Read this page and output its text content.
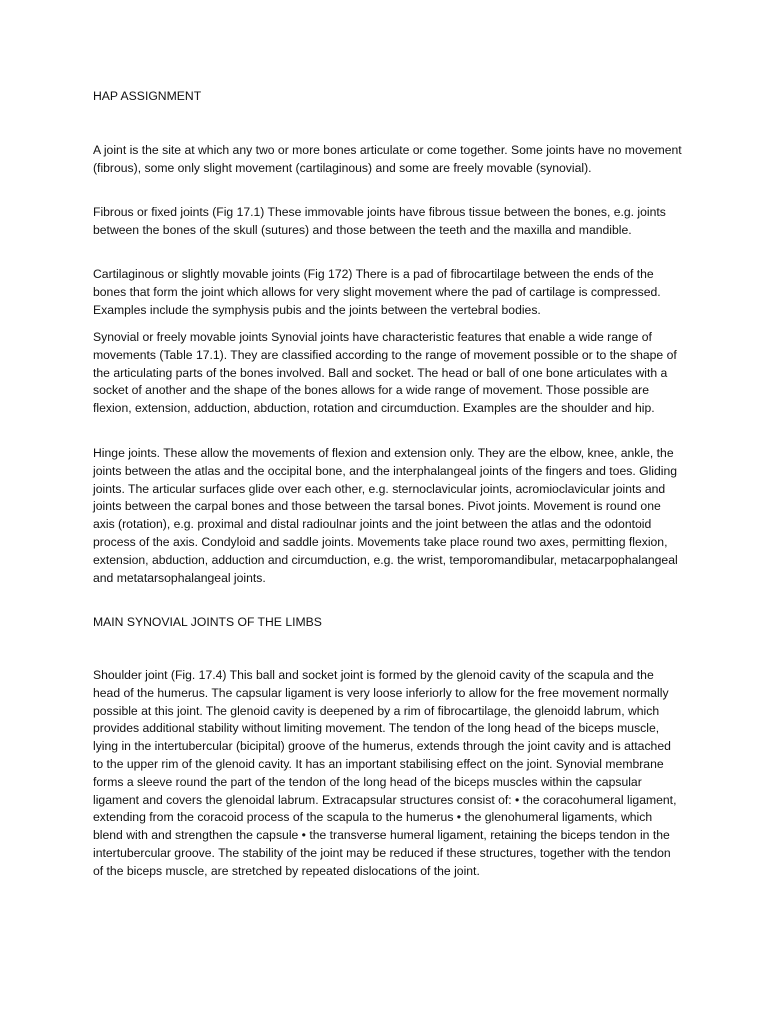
HAP ASSIGNMENT

A joint is the site at which any two or more bones articulate or come together. Some joints have no movement (fibrous), some only slight movement (cartilaginous) and some are freely movable (synovial).

Fibrous or fixed joints (Fig 17.1) These immovable joints have fibrous tissue between the bones, e.g. joints between the bones of the skull (sutures) and those between the teeth and the maxilla and mandible.

Cartilaginous or slightly movable joints (Fig 172) There is a pad of fibrocartilage between the ends of the bones that form the joint which allows for very slight movement where the pad of cartilage is compressed. Examples include the symphysis pubis and the joints between the vertebral bodies.

Synovial or freely movable joints Synovial joints have characteristic features that enable a wide range of movements (Table 17.1). They are classified according to the range of movement possible or to the shape of the articulating parts of the bones involved. Ball and socket. The head or ball of one bone articulates with a socket of another and the shape of the bones allows for a wide range of movement. Those possible are flexion, extension, adduction, abduction, rotation and circumduction. Examples are the shoulder and hip.

Hinge joints. These allow the movements of flexion and extension only. They are the elbow, knee, ankle, the joints between the atlas and the occipital bone, and the interphalangeal joints of the fingers and toes. Gliding joints. The articular surfaces glide over each other, e.g. sternoclavicular joints, acromioclavicular joints and joints between the carpal bones and those between the tarsal bones. Pivot joints. Movement is round one axis (rotation), e.g. proximal and distal radioulnar joints and the joint between the atlas and the odontoid process of the axis. Condyloid and saddle joints. Movements take place round two axes, permitting flexion, extension, abduction, adduction and circumduction, e.g. the wrist, temporomandibular, metacarpophalangeal and metatarsophalangeal joints.

MAIN SYNOVIAL JOINTS OF THE LIMBS

Shoulder joint (Fig. 17.4) This ball and socket joint is formed by the glenoid cavity of the scapula and the head of the humerus. The capsular ligament is very loose inferiorly to allow for the free movement normally possible at this joint. The glenoid cavity is deepened by a rim of fibrocartilage, the glenoidd labrum, which provides additional stability without limiting movement. The tendon of the long head of the biceps muscle, lying in the intertubercular (bicipital) groove of the humerus, extends through the joint cavity and is attached to the upper rim of the glenoid cavity. It has an important stabilising effect on the joint. Synovial membrane forms a sleeve round the part of the tendon of the long head of the biceps muscles within the capsular ligament and covers the glenoidal labrum. Extracapsular structures consist of: • the coracohumeral ligament, extending from the coracoid process of the scapula to the humerus • the glenohumeral ligaments, which blend with and strengthen the capsule • the transverse humeral ligament, retaining the biceps tendon in the intertubercular groove. The stability of the joint may be reduced if these structures, together with the tendon of the biceps muscle, are stretched by repeated dislocations of the joint.
